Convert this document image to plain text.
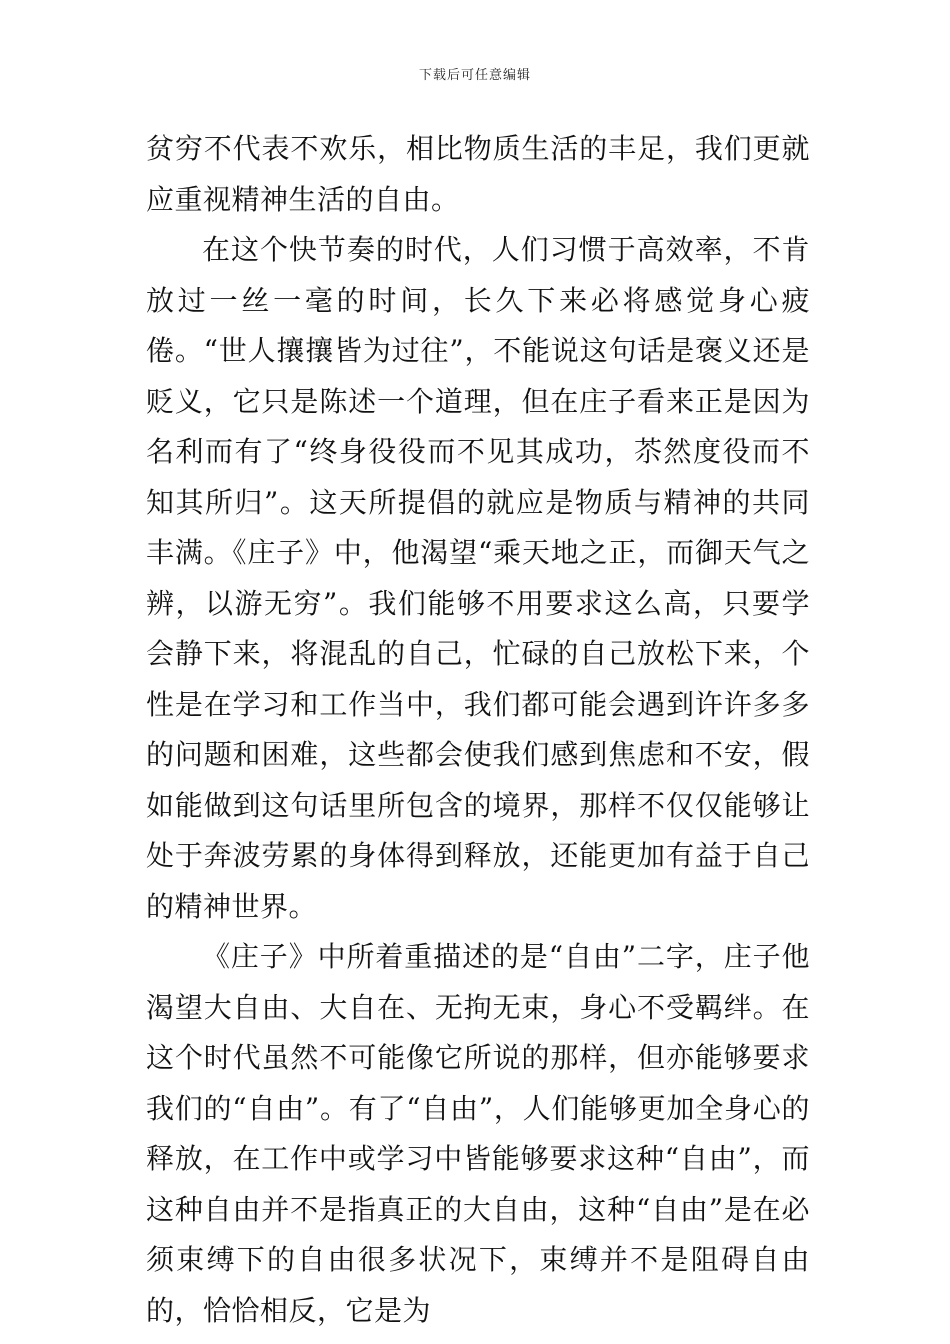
下载后可任意编辑

贫穷不代表不欢乐，相比物质生活的丰足，我们更就应重视精神生活的自由。

在这个快节奏的时代，人们习惯于高效率，不肯放过一丝一毫的时间，长久下来必将感觉身心疲倦。“世人攘攘皆为过往”，不能说这句话是褒义还是贬义，它只是陈述一个道理，但在庄子看来正是因为名利而有了“终身役役而不见其成功，苶然度役而不知其所归”。这天所提倡的就应是物质与精神的共同丰满。《庄子》中，他渴望“乘天地之正，而御天气之辨，以游无穷”。我们能够不用要求这么高，只要学会静下来，将混乱的自己，忙碌的自己放松下来，个性是在学习和工作当中，我们都可能会遇到许许多多的问题和困难，这些都会使我们感到焦虑和不安，假如能做到这句话里所包含的境界，那样不仅仅能够让处于奔波劳累的身体得到释放，还能更加有益于自己的精神世界。

《庄子》中所着重描述的是“自由”二字，庄子他渴望大自由、大自在、无拘无束，身心不受羁绊。在这个时代虽然不可能像它所说的那样，但亦能够要求我们的“自由”。有了“自由”，人们能够更加全身心的释放，在工作中或学习中皆能够要求这种“自由”，而这种自由并不是指真正的大自由，这种“自由”是在必须束缚下的自由很多状况下，束缚并不是阻碍自由的，恰恰相反，它是为
